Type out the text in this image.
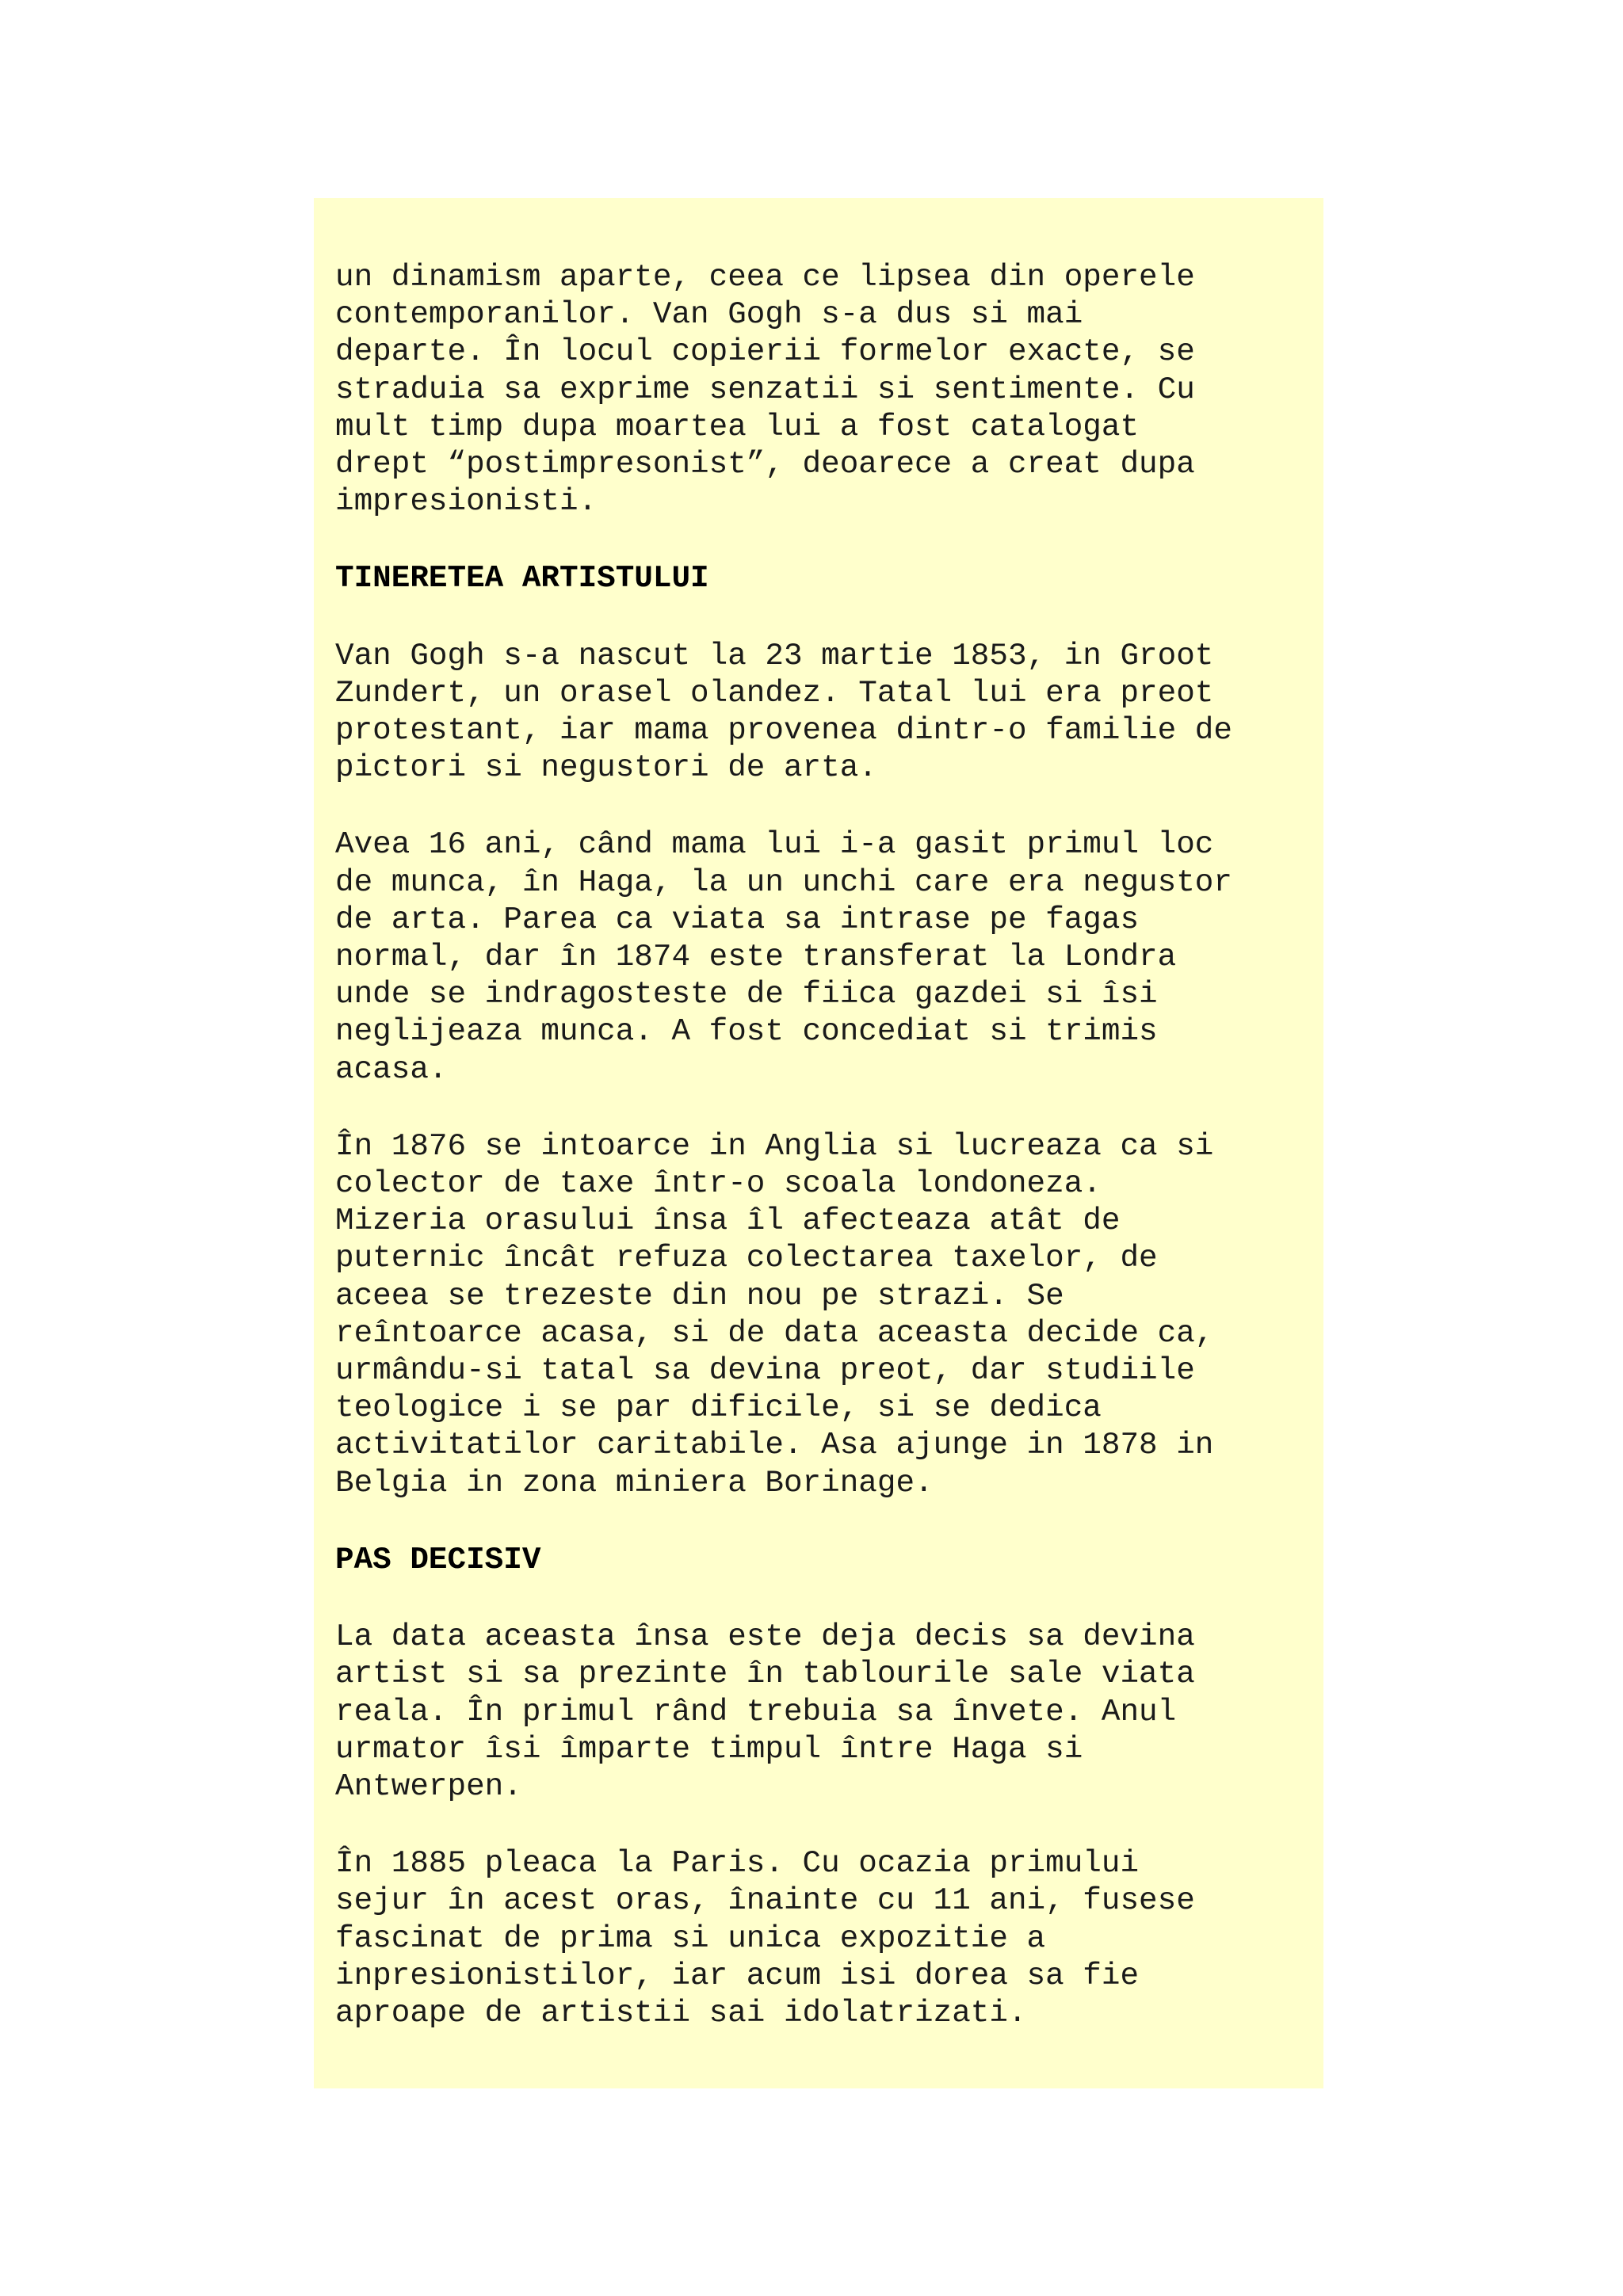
un dinamism aparte, ceea ce lipsea din operele
contemporanilor. Van Gogh s-a dus si mai
departe. În locul copierii formelor exacte, se
straduia sa exprime senzatii si sentimente. Cu
mult timp dupa moartea lui a fost catalogat
drept “postimpresonist”, deoarece a creat dupa
impresionisti.

TINERETEA ARTISTULUI

Van Gogh s-a nascut la 23 martie 1853, in Groot
Zundert, un orasel olandez. Tatal lui era preot
protestant, iar mama provenea dintr-o familie de
pictori si negustori de arta.

Avea 16 ani, când mama lui i-a gasit primul loc
de munca, în Haga, la un unchi care era negustor
de arta. Parea ca viata sa intrase pe fagas
normal, dar în 1874 este transferat la Londra
unde se indragosteste de fiica gazdei si îsi
neglijeaza munca. A fost concediat si trimis
acasa.

În 1876 se intoarce in Anglia si lucreaza ca si
colector de taxe într-o scoala londoneza.
Mizeria orasului însa îl afecteaza atât de
puternic încât refuza colectarea taxelor, de
aceea se trezeste din nou pe strazi. Se
reîntoarce acasa, si de data aceasta decide ca,
urmându-si tatal sa devina preot, dar studiile
teologice i se par dificile, si se dedica
activitatilor caritabile. Asa ajunge in 1878 in
Belgia in zona miniera Borinage.

PAS DECISIV

La data aceasta însa este deja decis sa devina
artist si sa prezinte în tablourile sale viata
reala. În primul rând trebuia sa învete. Anul
urmator îsi împarte timpul între Haga si
Antwerpen.

În 1885 pleaca la Paris. Cu ocazia primului
sejur în acest oras, înainte cu 11 ani, fusese
fascinat de prima si unica expozitie a
inpresionistilor, iar acum isi dorea sa fie
aproape de artistii sai idolatrizati.
